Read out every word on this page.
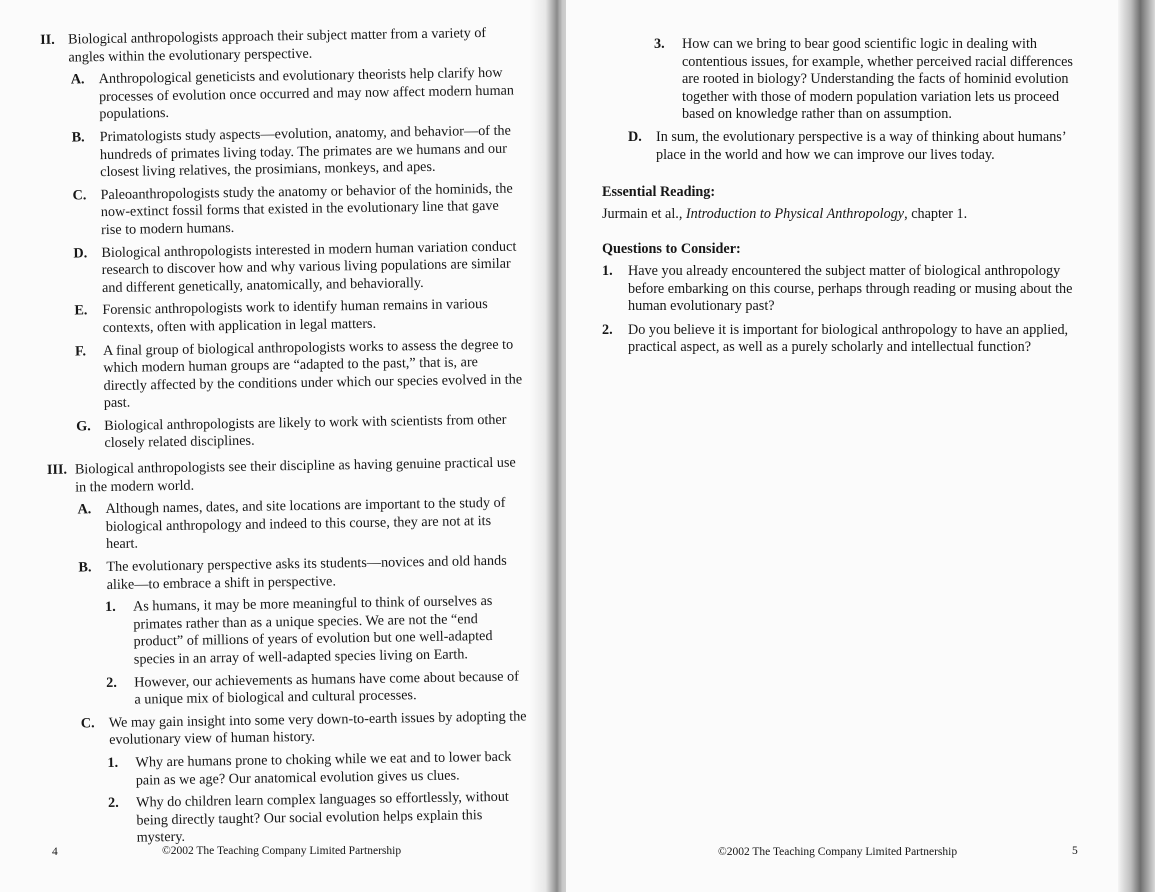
II. Biological anthropologists approach their subject matter from a variety of angles within the evolutionary perspective.
A. Anthropological geneticists and evolutionary theorists help clarify how processes of evolution once occurred and may now affect modern human populations.
B. Primatologists study aspects—evolution, anatomy, and behavior—of the hundreds of primates living today. The primates are we humans and our closest living relatives, the prosimians, monkeys, and apes.
C. Paleoanthropologists study the anatomy or behavior of the hominids, the now-extinct fossil forms that existed in the evolutionary line that gave rise to modern humans.
D. Biological anthropologists interested in modern human variation conduct research to discover how and why various living populations are similar and different genetically, anatomically, and behaviorally.
E. Forensic anthropologists work to identify human remains in various contexts, often with application in legal matters.
F. A final group of biological anthropologists works to assess the degree to which modern human groups are “adapted to the past,” that is, are directly affected by the conditions under which our species evolved in the past.
G. Biological anthropologists are likely to work with scientists from other closely related disciplines.
III. Biological anthropologists see their discipline as having genuine practical use in the modern world.
A. Although names, dates, and site locations are important to the study of biological anthropology and indeed to this course, they are not at its heart.
B. The evolutionary perspective asks its students—novices and old hands alike—to embrace a shift in perspective.
1. As humans, it may be more meaningful to think of ourselves as primates rather than as a unique species. We are not the “end product” of millions of years of evolution but one well-adapted species in an array of well-adapted species living on Earth.
2. However, our achievements as humans have come about because of a unique mix of biological and cultural processes.
C. We may gain insight into some very down-to-earth issues by adopting the evolutionary view of human history.
1. Why are humans prone to choking while we eat and to lower back pain as we age? Our anatomical evolution gives us clues.
2. Why do children learn complex languages so effortlessly, without being directly taught? Our social evolution helps explain this mystery.
4	©2002 The Teaching Company Limited Partnership
3. How can we bring to bear good scientific logic in dealing with contentious issues, for example, whether perceived racial differences are rooted in biology? Understanding the facts of hominid evolution together with those of modern population variation lets us proceed based on knowledge rather than on assumption.
D. In sum, the evolutionary perspective is a way of thinking about humans’ place in the world and how we can improve our lives today.
Essential Reading:
Jurmain et al., Introduction to Physical Anthropology, chapter 1.
Questions to Consider:
1. Have you already encountered the subject matter of biological anthropology before embarking on this course, perhaps through reading or musing about the human evolutionary past?
2. Do you believe it is important for biological anthropology to have an applied, practical aspect, as well as a purely scholarly and intellectual function?
©2002 The Teaching Company Limited Partnership	5
